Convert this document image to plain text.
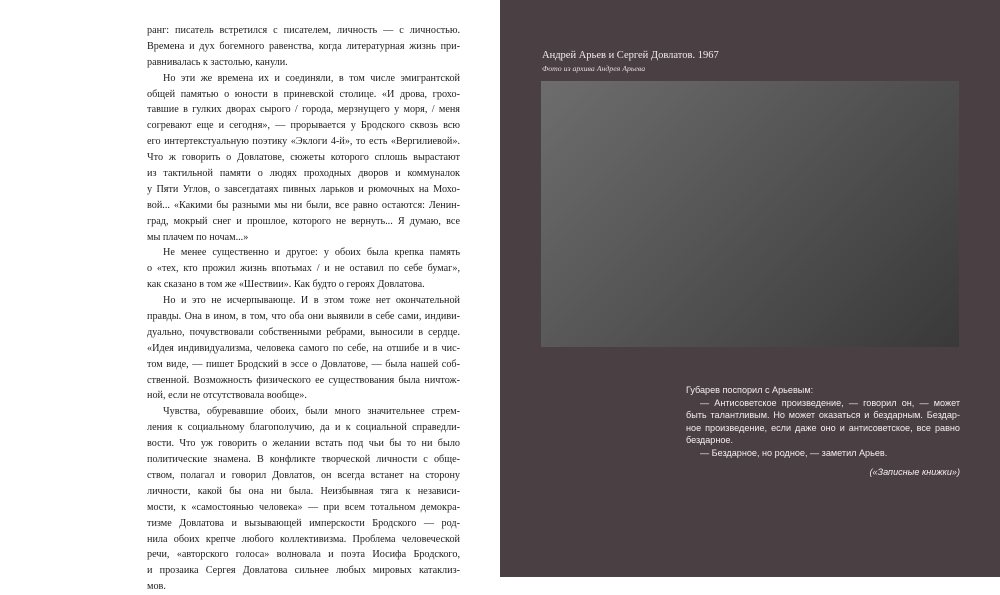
ранг: писатель встретился с писателем, личность — с личностью.
Времена и дух богемного равенства, когда литературная жизнь при-
равнивалась к застолью, канули.
Но эти же времена их и соединяли, в том числе эмигрантской
общей памятью о юности в приневской столице. «И дрова, грохо-
тавшие в гулких дворах сырого / города, мерзнущего у моря, / меня
согревают еще и сегодня», — прорывается у Бродского сквозь всю
его интертекстуальную поэтику «Эклоги 4-й», то есть «Вергилиевой».
Что ж говорить о Довлатове, сюжеты которого сплошь вырастают
из тактильной памяти о людях проходных дворов и коммуналок
у Пяти Углов, о завсегдатаях пивных ларьков и рюмочных на Мохо-
вой... «Какими бы разными мы ни были, все равно остаются: Ленин-
град, мокрый снег и прошлое, которого не вернуть... Я думаю, все
мы плачем по ночам...»
Не менее существенно и другое: у обоих была крепка память
о «тех, кто прожил жизнь впотьмах / и не оставил по себе бумаг»,
как сказано в том же «Шествии». Как будто о героях Довлатова.
Но и это не исчерпывающе. И в этом тоже нет окончательной
правды. Она в ином, в том, что оба они выявили в себе сами, индиви-
дуально, почувствовали собственными ребрами, выносили в сердце.
«Идея индивидуализма, человека самого по себе, на отшибе и в чис-
том виде, — пишет Бродский в эссе о Довлатове, — была нашей соб-
ственной. Возможность физического ее существования была ничтож-
ной, если не отсутствовала вообще».
Чувства, обуревавшие обоих, были много значительнее стрем-
ления к социальному благополучию, да и к социальной справедли-
вости. Что уж говорить о желании встать под чьи бы то ни было
политические знамена. В конфликте творческой личности с обще-
ством, полагал и говорил Довлатов, он всегда встанет на сторону
личности, какой бы она ни была. Неизбывная тяга к независи-
мости, к «самостоянью человека» — при всем тотальном демокра-
тизме Довлатова и вызывающей имперскости Бродского — род-
нила обоих крепче любого коллективизма. Проблема человеческой
речи, «авторского голоса» волновала и поэта Иосифа Бродского,
и прозаика Сергея Довлатова сильнее любых мировых катаклиз-
мов.
Андрей Арьев и Сергей Довлатов. 1967
Фото из архива Андрея Арьева
Губарев поспорил с Арьевым:
— Антисоветское произведение, — говорил он, — может
быть талантливым. Но может оказаться и бездарным. Бездар-
ное произведение, если даже оно и антисоветское, все равно
бездарное.
— Бездарное, но родное, — заметил Арьев.
(«Записные книжки»)
